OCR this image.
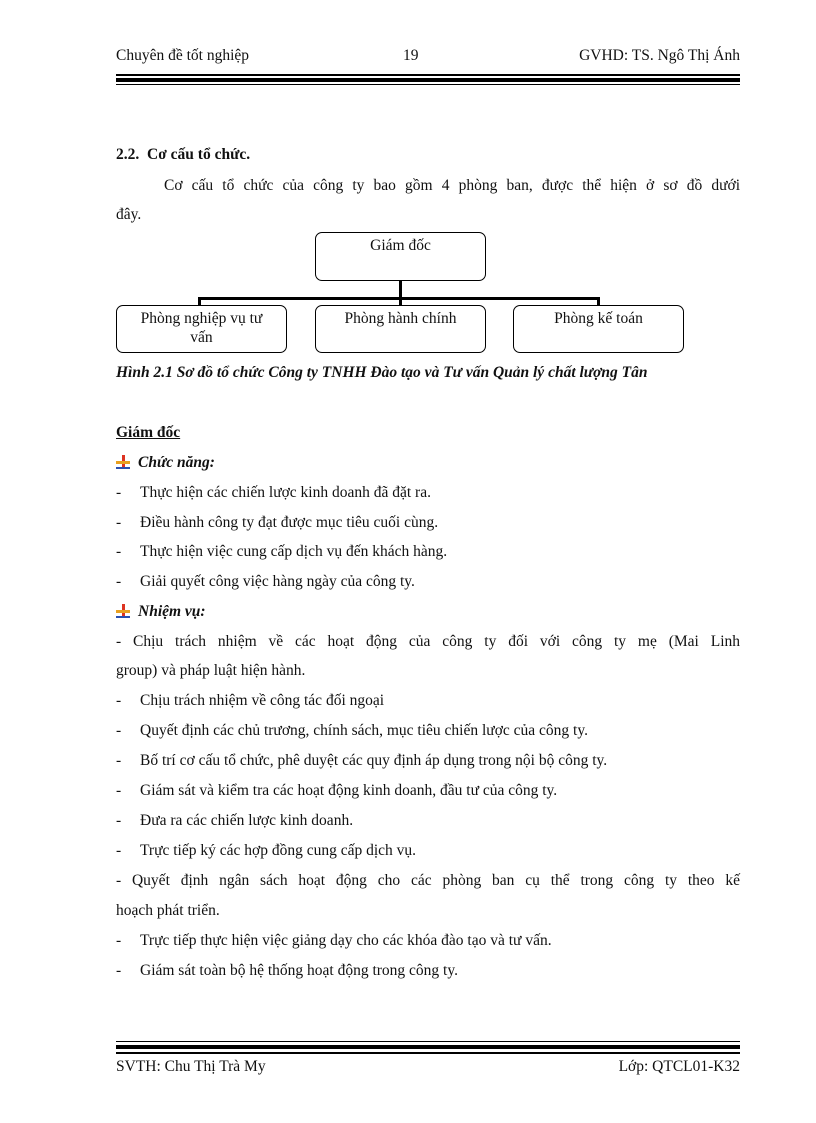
Chuyên đề tốt nghiệp	19	GVHD: TS. Ngô Thị Ánh
2.2. Cơ cấu tổ chức.
Cơ cấu tổ chức của công ty bao gồm 4 phòng ban, được thể hiện ở sơ đồ dưới
đây.
Giám đốc
Phòng nghiệp vụ tư vấn
Phòng hành chính	Phòng kế toán
Hình 2.1 Sơ đồ tổ chức Công ty TNHH Đào tạo và Tư vấn Quản lý chất lượng Tân
Giám đốc
Chức năng:
- Thực hiện các chiến lược kinh doanh đã đặt ra.
- Điều hành công ty đạt được mục tiêu cuối cùng.
- Thực hiện việc cung cấp dịch vụ đến khách hàng.
- Giải quyết công việc hàng ngày của công ty.
Nhiệm vụ:
- Chịu trách nhiệm về các hoạt động của công ty đối với công ty mẹ (Mai Linh
group) và pháp luật hiện hành.
- Chịu trách nhiệm về công tác đối ngoại
- Quyết định các chủ trương, chính sách, mục tiêu chiến lược của công ty.
- Bố trí cơ cấu tổ chức, phê duyệt các quy định áp dụng trong nội bộ công ty.
- Giám sát và kiểm tra các hoạt động kinh doanh, đầu tư của công ty.
- Đưa ra các chiến lược kinh doanh.
- Trực tiếp ký các hợp đồng cung cấp dịch vụ.
- Quyết định ngân sách hoạt động cho các phòng ban cụ thể trong công ty theo kế
hoạch phát triển.
- Trực tiếp thực hiện việc giảng dạy cho các khóa đào tạo và tư vấn.
- Giám sát toàn bộ hệ thống hoạt động trong công ty.
SVTH: Chu Thị Trà My	Lớp: QTCL01-K32
